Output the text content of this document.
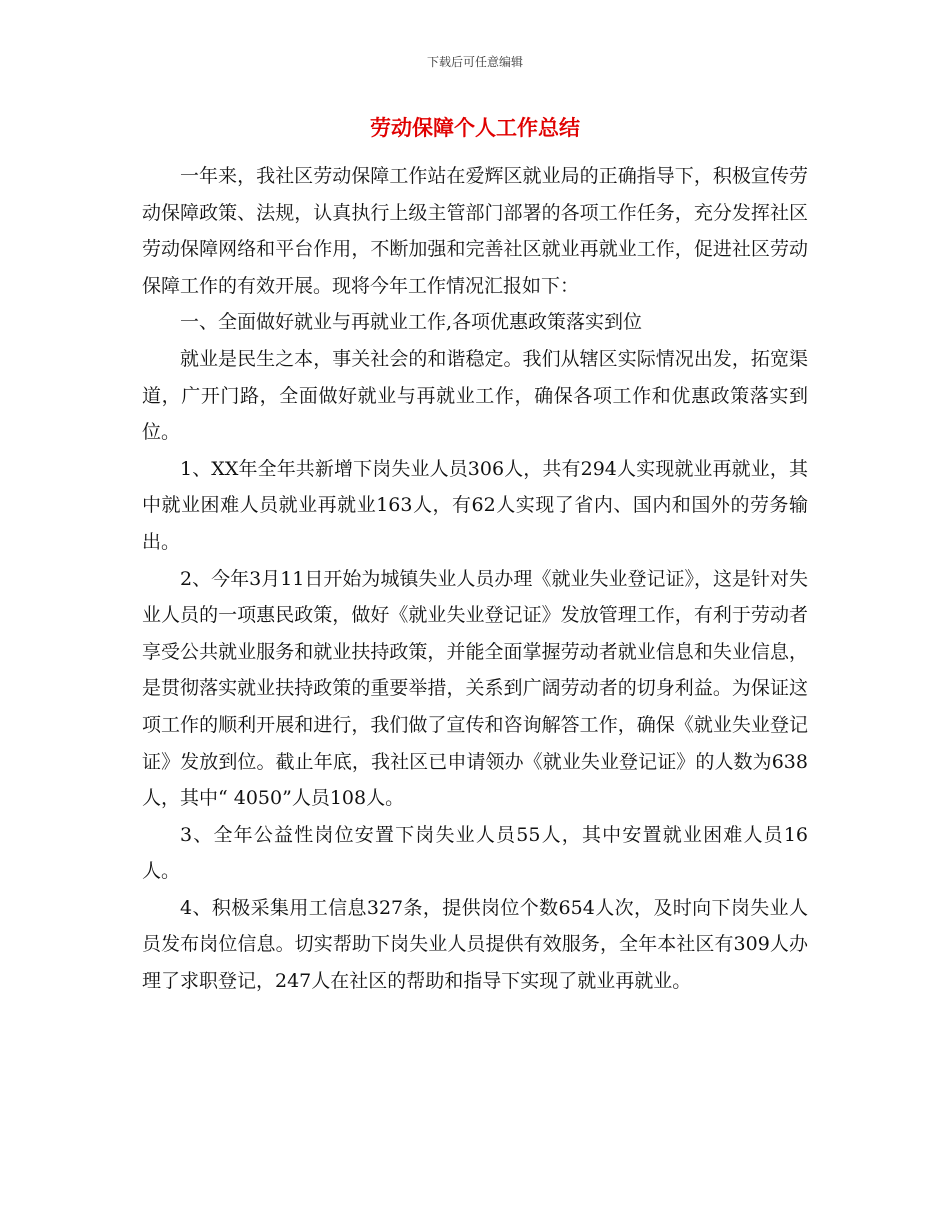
下载后可任意编辑
劳动保障个人工作总结

一年来，我社区劳动保障工作站在爱辉区就业局的正确指导下，积极宣传劳动保障政策、法规，认真执行上级主管部门部署的各项工作任务，充分发挥社区劳动保障网络和平台作用，不断加强和完善社区就业再就业工作，促进社区劳动保障工作的有效开展。现将今年工作情况汇报如下：

一、全面做好就业与再就业工作,各项优惠政策落实到位

就业是民生之本，事关社会的和谐稳定。我们从辖区实际情况出发，拓宽渠道，广开门路，全面做好就业与再就业工作，确保各项工作和优惠政策落实到位。

1、XX年全年共新增下岗失业人员306人，共有294人实现就业再就业，其中就业困难人员就业再就业163人，有62人实现了省内、国内和国外的劳务输出。

2、今年3月11日开始为城镇失业人员办理《就业失业登记证》，这是针对失业人员的一项惠民政策，做好《就业失业登记证》发放管理工作，有利于劳动者享受公共就业服务和就业扶持政策，并能全面掌握劳动者就业信息和失业信息，是贯彻落实就业扶持政策的重要举措，关系到广阔劳动者的切身利益。为保证这项工作的顺利开展和进行，我们做了宣传和咨询解答工作，确保《就业失业登记证》发放到位。截止年底，我社区已申请领办《就业失业登记证》的人数为638人，其中“ 4050”人员108人。

3、全年公益性岗位安置下岗失业人员55人，其中安置就业困难人员16人。

4、积极采集用工信息327条，提供岗位个数654人次，及时向下岗失业人员发布岗位信息。切实帮助下岗失业人员提供有效服务，全年本社区有309人办理了求职登记，247人在社区的帮助和指导下实现了就业再就业。
